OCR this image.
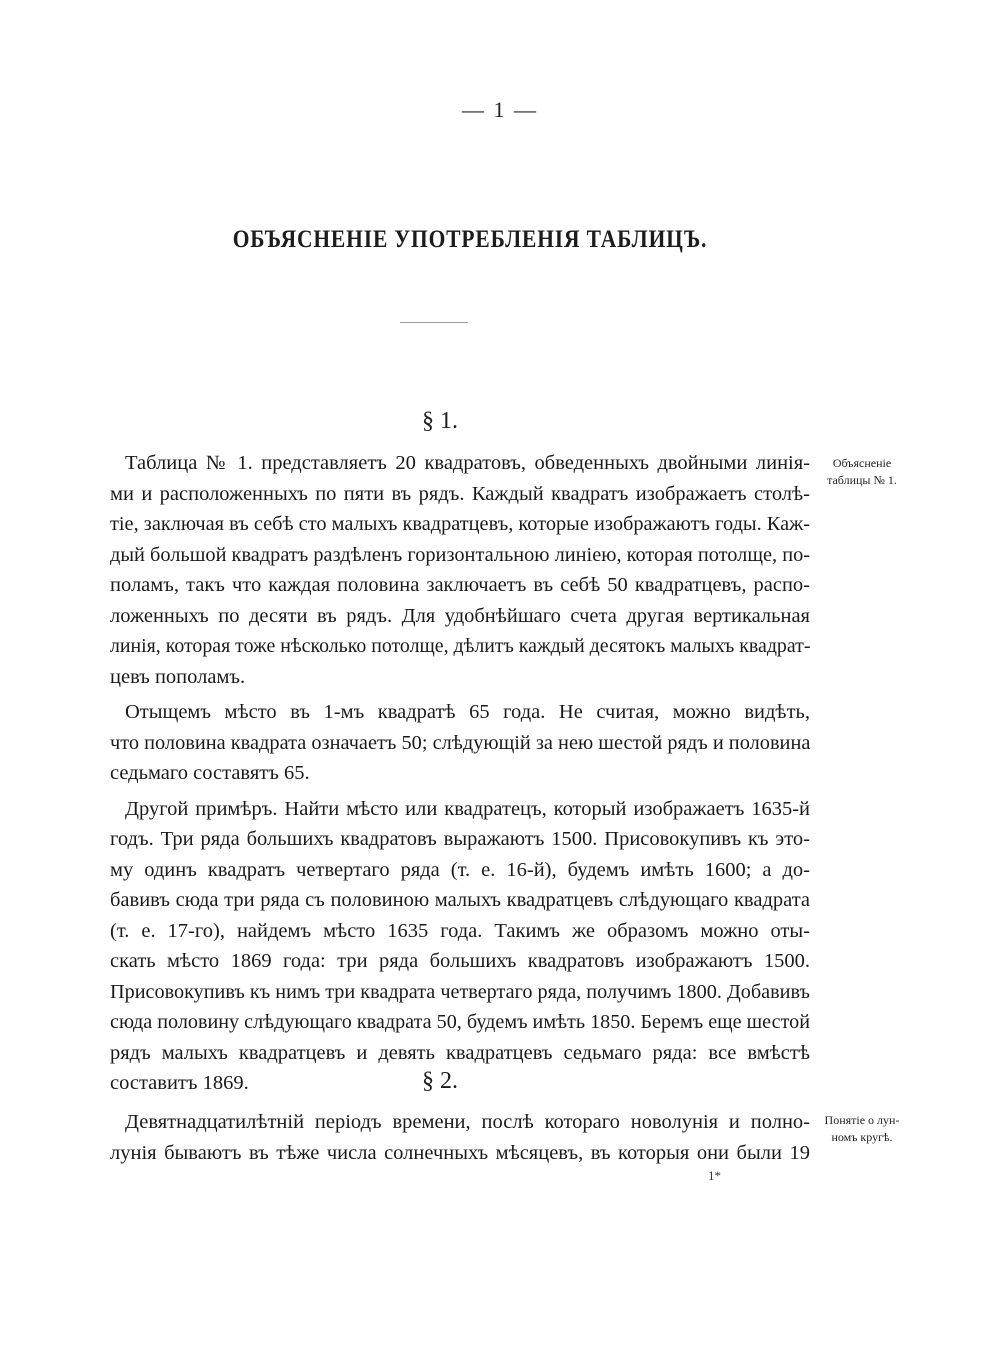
— 1 —
ОБЪЯСНЕНІЕ УПОТРЕБЛЕНІЯ ТАБЛИЦЪ.
§ 1.
Объясненіе
таблицы № 1.
Таблица № 1. представляетъ 20 квадратовъ, обведенныхъ двойными линія-
ми и расположенныхъ по пяти въ рядъ. Каждый квадратъ изображаетъ столѣ-
тіе, заключая въ себѣ сто малыхъ квадратцевъ, которые изображаютъ годы. Каж-
дый большой квадратъ раздѣленъ горизонтальною линіею, которая потолще, по-
поламъ, такъ что каждая половина заключаетъ въ себѣ 50 квадратцевъ, распо-
ложенныхъ по десяти въ рядъ. Для удобнѣйшаго счета другая вертикальная
линія, которая тоже нѣсколько потолще, дѣлитъ каждый десятокъ малыхъ квадрат-
цевъ пополамъ.
Отыщемъ мѣсто въ 1-мъ квадратѣ 65 года. Не считая, можно видѣть,
что половина квадрата означаетъ 50; слѣдующій за нею шестой рядъ и половина
седьмаго составятъ 65.
Другой примѣръ. Найти мѣсто или квадратецъ, который изображаетъ 1635-й
годъ. Три ряда большихъ квадратовъ выражаютъ 1500. Присовокупивъ къ это-
му одинъ квадратъ четвертаго ряда (т. е. 16-й), будемъ имѣть 1600; а до-
бавивъ сюда три ряда съ половиною малыхъ квадратцевъ слѣдующаго квадрата
(т. е. 17-го), найдемъ мѣсто 1635 года. Такимъ же образомъ можно оты-
скать мѣсто 1869 года: три ряда большихъ квадратовъ изображаютъ 1500.
Присовокупивъ къ нимъ три квадрата четвертаго ряда, получимъ 1800. Добавивъ
сюда половину слѣдующаго квадрата 50, будемъ имѣть 1850. Беремъ еще шестой
рядъ малыхъ квадратцевъ и девять квадратцевъ седьмаго ряда: все вмѣстѣ
составитъ 1869.	§ 2.
Понятіе о лун-
номъ кругѣ.
Девятнадцатилѣтній періодъ времени, послѣ котораго новолунія и полно-
лунія бываютъ въ тѣже числа солнечныхъ мѣсяцевъ, въ которыя они были 19
1*
